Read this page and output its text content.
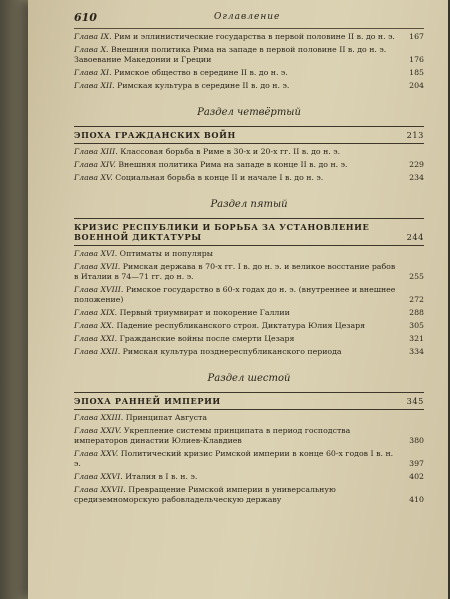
610	Оглавление
Глава IX. Рим и эллинистические государства в первой половине II в. до н. э. 167
Глава X. Внешняя политика Рима на западе в первой половине II в. до н. э. Завоевание Македонии и Греции	176
Глава XI. Римское общество в середине II в. до н. э.	185
Глава XII. Римская культура в середине II в. до н. э.	204
Раздел четвёртый
ЭПОХА ГРАЖДАНСКИХ ВОЙН	213
Глава XIII. Классовая борьба в Риме в 30-х и 20-х гг. II в. до н. э.
Глава XIV. Внешняя политика Рима на западе в конце II в. до н. э.	229
Глава XV. Социальная борьба в конце II и начале I в. до н. э.	234
Раздел пятый
КРИЗИС РЕСПУБЛИКИ И БОРЬБА ЗА УСТАНОВЛЕНИЕ ВОЕННОЙ ДИКТАТУРЫ	244
Глава XVI. Оптиматы и популяры
Глава XVII. Римская держава в 70-х гг. I в. до н. э. и великое восстание рабов в Италии в 74—71 гг. до н. э.	255
Глава XVIII. Римское государство в 60-х годах до н. э. (внутреннее и внешнее положение)	272
Глава XIX. Первый триумвират и покорение Галлии	288
Глава XX. Падение республиканского строя. Диктатура Юлия Цезаря	305
Глава XXI. Гражданские войны после смерти Цезаря	321
Глава XXII. Римская культура позднереспубликанского периода	334
Раздел шестой
ЭПОХА РАННЕЙ ИМПЕРИИ	345
Глава XXIII. Принципат Августа
Глава XXIV. Укрепление системы принципата в период господства императоров династии Юлиев-Клавдиев	380
Глава XXV. Политический кризис Римской империи в конце 60-х годов I в. н. э.	397
Глава XXVI. Италия в I в. н. э.	402
Глава XXVII. Превращение Римской империи в универсальную средиземноморскую рабовладельческую державу	410
